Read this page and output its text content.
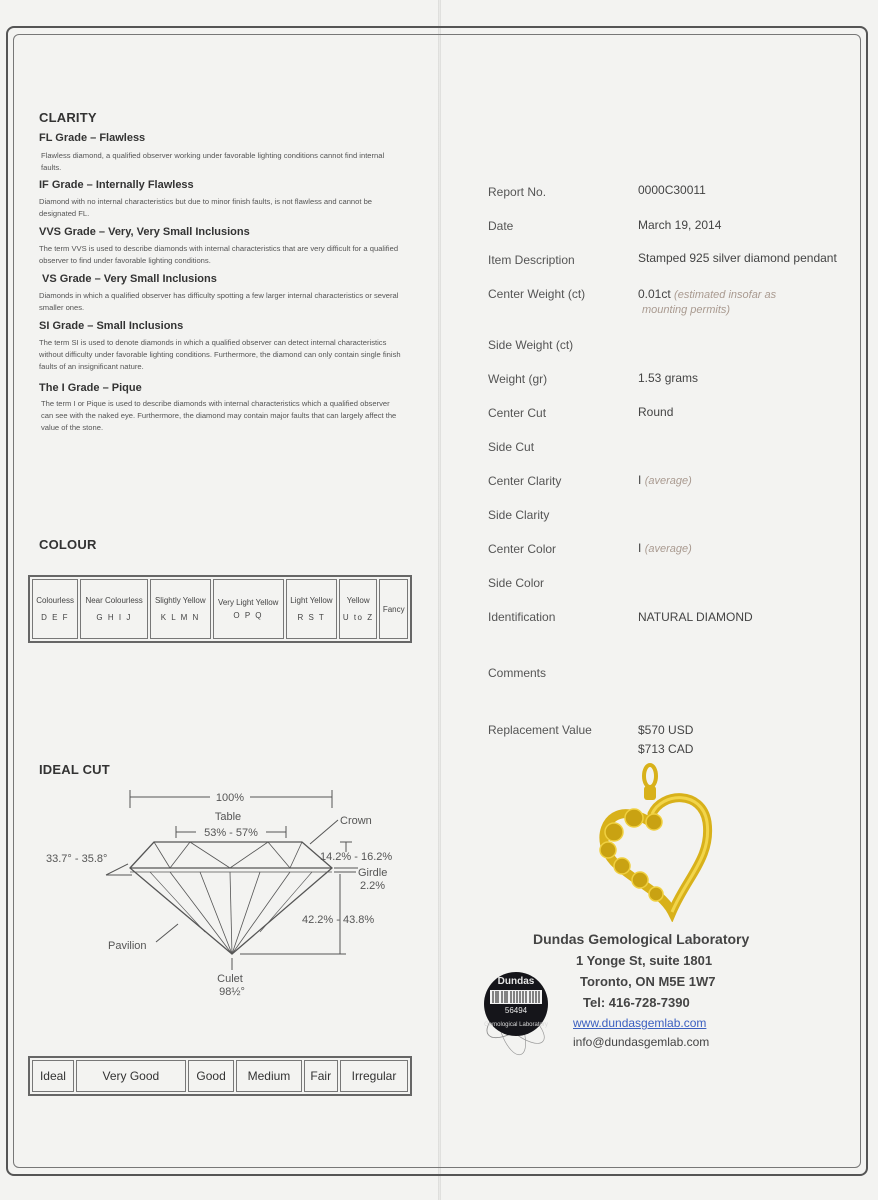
CLARITY
FL Grade – Flawless
Flawless diamond, a qualified observer working under favorable lighting conditions cannot find internal faults.
IF Grade – Internally Flawless
Diamond with no internal characteristics but due to minor finish faults, is not flawless and cannot be designated FL.
VVS Grade – Very, Very Small Inclusions
The term VVS is used to describe diamonds with internal characteristics that are very difficult for a qualified observer to find under favorable lighting conditions.
VS Grade – Very Small Inclusions
Diamonds in which a qualified observer has difficulty spotting a few larger internal characteristics or several smaller ones.
SI Grade – Small Inclusions
The term SI is used to denote diamonds in which a qualified observer can detect internal characteristics without difficulty under favorable lighting conditions. Furthermore, the diamond can only contain single finish faults of an insignificant nature.
The I Grade – Pique
The term I or Pique is used to describe diamonds with internal characteristics which a qualified observer can see with the naked eye. Furthermore, the diamond may contain major faults that can largely affect the value of the stone.
COLOUR
Colourless
D E F
	Near Colourless
G H I J
	Slightly Yellow
K L M N
	Very Light Yellow
O P Q
	Light Yellow
R S T
	Yellow
U to Z
	Fancy
IDEAL CUT
100%
Table
53% - 57%
Crown
33.7° - 35.8°	14.2% - 16.2%
Girdle
2.2%
42.2% - 43.8%
Pavilion
Culet
98½°
Ideal	Very Good	Good	Medium	Fair	Irregular
Report No.	0000C30011
Date	March 19, 2014
Item Description	Stamped 925 silver diamond pendant
Center Weight (ct)	0.01ct (estimated insofar as
mounting permits)
Side Weight (ct)
Weight (gr)	1.53 grams
Center Cut	Round
Side Cut
Center Clarity	I (average)
Side Clarity
Center Color	I (average)
Side Color
Identification	NATURAL DIAMOND
Comments
Replacement Value	$570 USD
$713 CAD
Dundas Gemological Laboratory
1 Yonge St, suite 1801
Toronto, ON M5E 1W7
Tel: 416-728-7390
www.dundasgemlab.com
info@dundasgemlab.com
Dundas
56494
Gemological Laboratory
